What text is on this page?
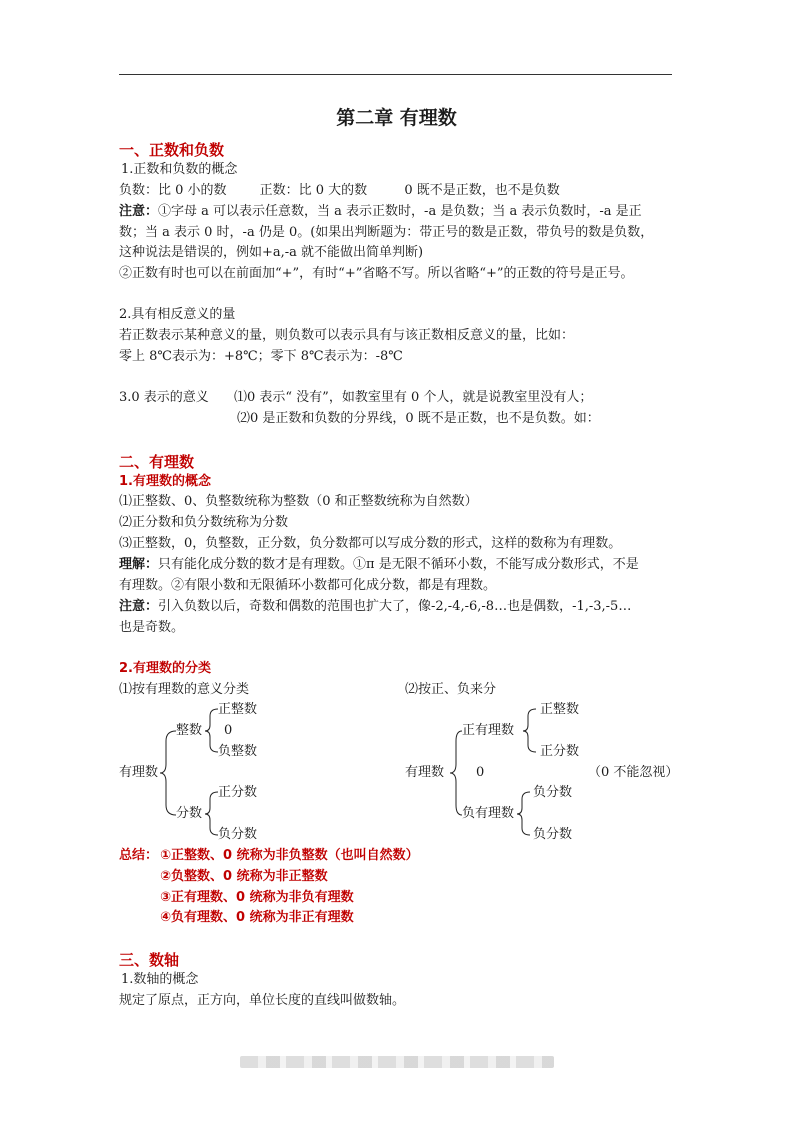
第二章 有理数
一、正数和负数
1.正数和负数的概念
负数：比 0 小的数        正数：比 0 大的数         0 既不是正数，也不是负数
注意：①字母 a 可以表示任意数，当 a 表示正数时，-a 是负数；当 a 表示负数时，-a 是正
数；当 a 表示 0 时，-a 仍是 0。(如果出判断题为：带正号的数是正数，带负号的数是负数，
这种说法是错误的，例如+a,-a 就不能做出简单判断)
②正数有时也可以在前面加“+”，有时“+”省略不写。所以省略“+”的正数的符号是正号。
2.具有相反意义的量
若正数表示某种意义的量，则负数可以表示具有与该正数相反意义的量，比如：
零上 8℃表示为：+8℃；零下 8℃表示为：-8℃
3.0 表示的意义 ⑴0 表示“ 没有”，如教室里有 0 个人，就是说教室里没有人；
⑵0 是正数和负数的分界线，0 既不是正数，也不是负数。如：
二、有理数
1.有理数的概念
⑴正整数、0、负整数统称为整数（0 和正整数统称为自然数）
⑵正分数和负分数统称为分数
⑶正整数，0，负整数，正分数，负分数都可以写成分数的形式，这样的数称为有理数。
理解：只有能化成分数的数才是有理数。①π 是无限不循环小数，不能写成分数形式，不是
有理数。②有限小数和无限循环小数都可化成分数，都是有理数。
注意：引入负数以后，奇数和偶数的范围也扩大了，像-2,-4,-6,-8…也是偶数，-1,-3,-5…
也是奇数。
2.有理数的分类
⑴按有理数的意义分类	⑵按正、负来分
有理数
整数
正整数
0
负整数
分数
正分数
负分数
有理数
正有理数
正整数
正分数
0	（0 不能忽视）
负有理数
负分数
负分数
总结： ①正整数、0 统称为非负整数（也叫自然数）
②负整数、0 统称为非正整数
③正有理数、0 统称为非负有理数
④负有理数、0 统称为非正有理数
三、数轴
1.数轴的概念
规定了原点，正方向，单位长度的直线叫做数轴。
